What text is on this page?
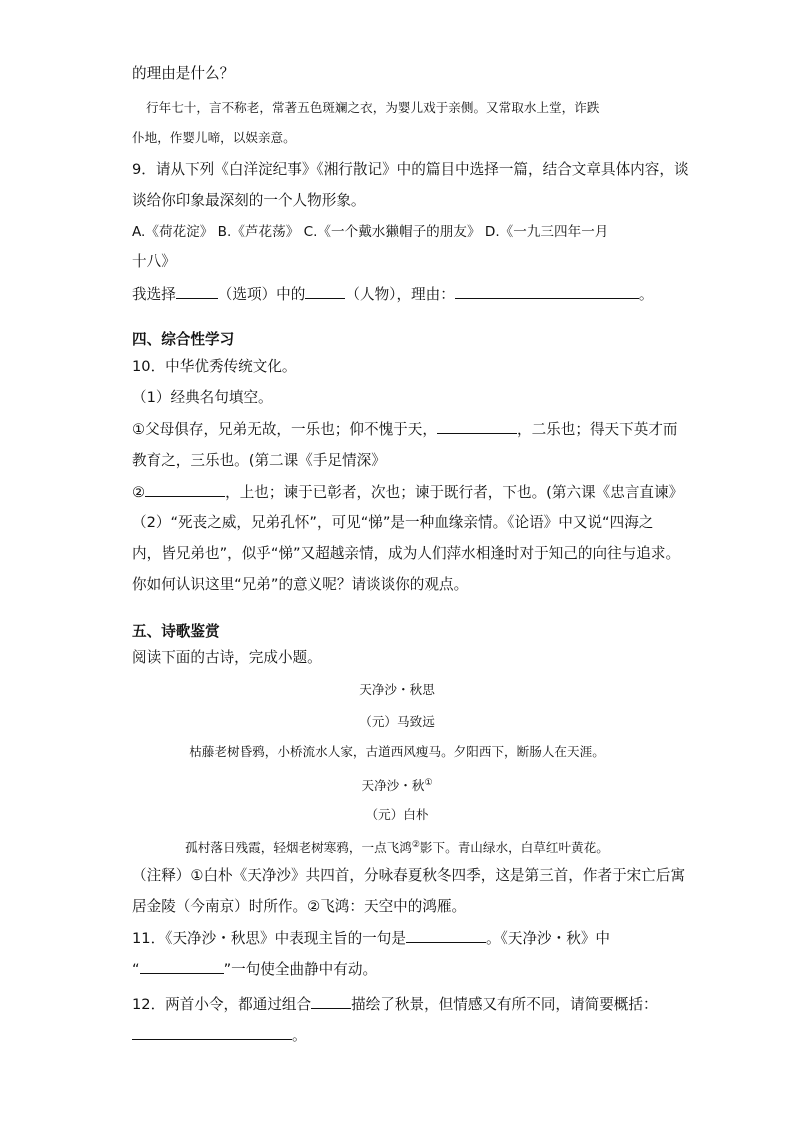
的理由是什么？
行年七十，言不称老，常著五色斑斓之衣，为婴儿戏于亲侧。又常取水上堂，诈跌
仆地，作婴儿啼，以娱亲意。
9．请从下列《白洋淀纪事》《湘行散记》中的篇目中选择一篇，结合文章具体内容，谈
谈给你印象最深刻的一个人物形象。
A.《荷花淀》 B.《芦花荡》 C.《一个戴水獭帽子的朋友》 D.《一九三四年一月
十八》
我选择	（选项）中的	（人物），理由：	。
四、综合性学习
10．中华优秀传统文化。
（1）经典名句填空。
①父母俱存，兄弟无故，一乐也；仰不愧于天，	，二乐也；得天下英才而
教育之，三乐也。(第二课《手足情深》
②	，上也；谏于已彰者，次也；谏于既行者，下也。(第六课《忠言直谏》
（2）“死丧之威，兄弟孔怀”，可见“悌”是一种血缘亲情。《论语》中又说“四海之
内，皆兄弟也”，似乎“悌”又超越亲情，成为人们萍水相逢时对于知己的向往与追求。
你如何认识这里“兄弟”的意义呢？请谈谈你的观点。
五、诗歌鉴赏
阅读下面的古诗，完成小题。
天净沙・秋思
（元）马致远
枯藤老树昏鸦，小桥流水人家，古道西风瘦马。夕阳西下，断肠人在天涯。
天净沙・秋①
（元）白朴
孤村落日残霞，轻烟老树寒鸦，一点飞鸿②影下。青山绿水，白草红叶黄花。
（注释）①白朴《天净沙》共四首，分咏春夏秋冬四季，这是第三首，作者于宋亡后寓
居金陵（今南京）时所作。②飞鸿：天空中的鸿雁。
11．《天净沙・秋思》中表现主旨的一句是	。《天净沙・秋》中
“	”一句使全曲静中有动。
12．两首小令，都通过组合	描绘了秋景，但情感又有所不同，请简要概括：
。
